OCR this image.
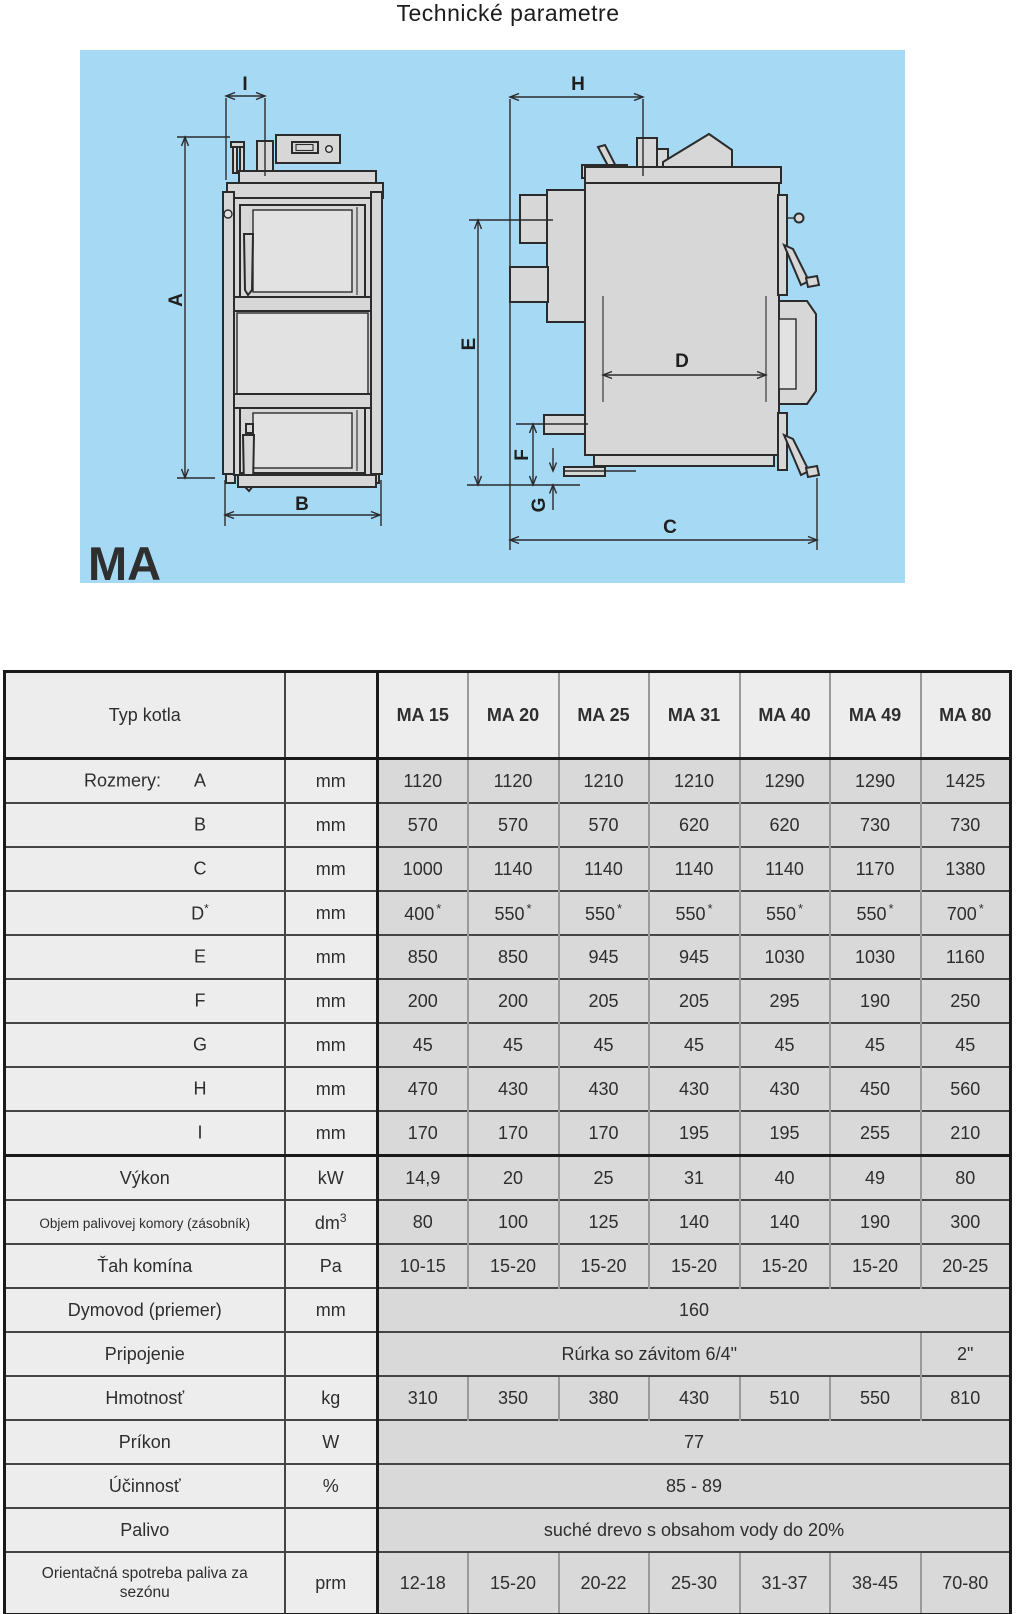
Technické parametre
A
I
B
MA
H
E
F
G
D
C
Typ kotla		MA 15	MA 20	MA 25	MA 31	MA 40	MA 49	MA 80

Rozmery: A	mm	1120	1120	1210	1210	1290	1290	1425

B	mm	570	570	570	620	620	730	730

C	mm	1000	1140	1140	1140	1140	1170	1380

D*	mm	400 *	550 *	550 *	550 *	550 *	550 *	700 *

E	mm	850	850	945	945	1030	1030	1160

F	mm	200	200	205	205	295	190	250

G	mm	45	45	45	45	45	45	45

H	mm	470	430	430	430	430	450	560

I	mm	170	170	170	195	195	255	210
Výkon	kW	14,9	20	25	31	40	49	80
Objem palivovej komory (zásobník)	$dm^3$	80	100	125	140	140	190	300
Ťah komína	Pa	10-15	15-20	15-20	15-20	15-20	15-20	20-25
Dymovod (priemer)	mm	160						
Pripojenie		Rúrka so závitom 6/4"						2"
Hmotnosť	kg	310	350	380	430	510	550	810
Príkon	W	77						
Účinnosť	%	85 - 89						
Palivo		suché drevo s obsahom vody do 20%						
Orientačná spotreba paliva za sezónu	prm	12-18	15-20	20-22	25-30	31-37	38-45	70-80
